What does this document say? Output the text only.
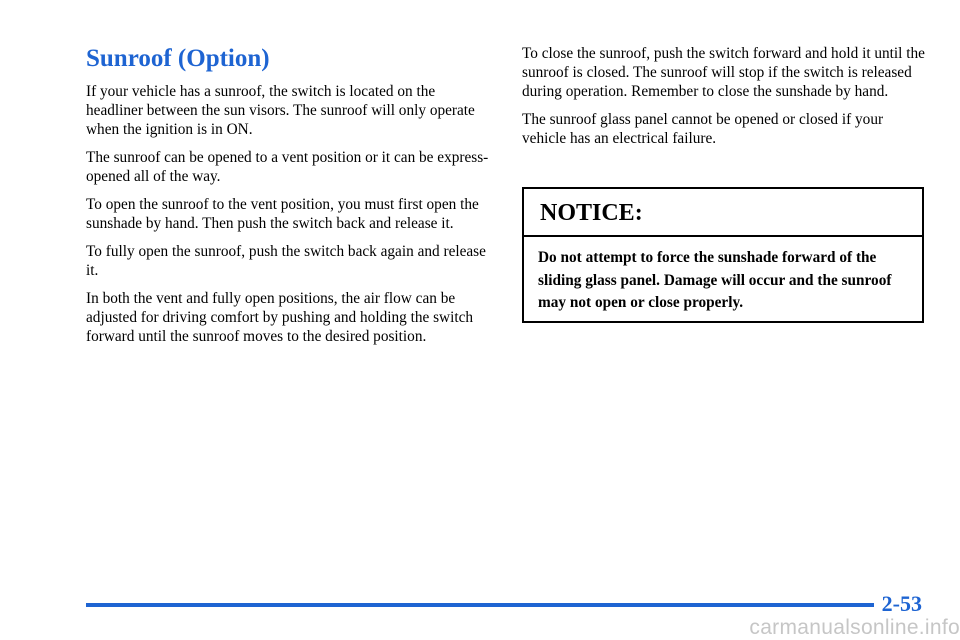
Sunroof (Option)

If your vehicle has a sunroof, the switch is located on the headliner between the sun visors. The sunroof will only operate when the ignition is in ON.

The sunroof can be opened to a vent position or it can be express-opened all of the way.

To open the sunroof to the vent position, you must first open the sunshade by hand. Then push the switch back and release it.

To fully open the sunroof, push the switch back again and release it.

In both the vent and fully open positions, the air flow can be adjusted for driving comfort by pushing and holding the switch forward until the sunroof moves to the desired position.

To close the sunroof, push the switch forward and hold it until the sunroof is closed. The sunroof will stop if the switch is released during operation. Remember to close the sunshade by hand.

The sunroof glass panel cannot be opened or closed if your vehicle has an electrical failure.

NOTICE:
Do not attempt to force the sunshade forward of the sliding glass panel. Damage will occur and the sunroof may not open or close properly.
2-53
carmanualsonline.info
